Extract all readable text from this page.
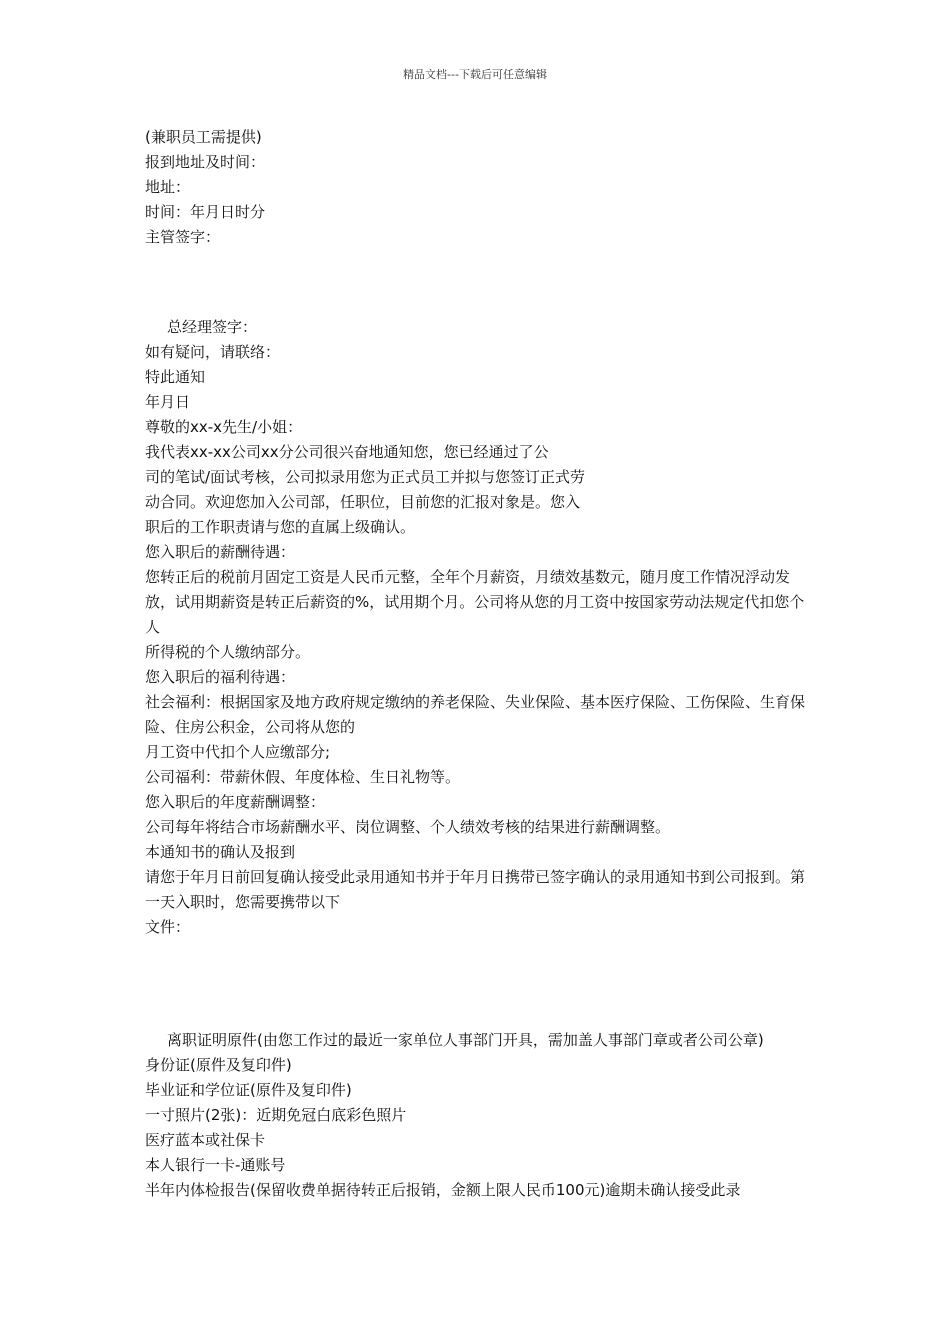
精品文档---下载后可任意编辑

(兼职员工需提供)

报到地址及时间：

地址：

时间：年月日时分

主管签字：

总经理签字：

如有疑问，请联络：

特此通知

年月日

尊敬的xx-x先生/小姐：

我代表xx-xx公司xx分公司很兴奋地通知您，您已经通过了公

司的笔试/面试考核，公司拟录用您为正式员工并拟与您签订正式劳

动合同。欢迎您加入公司部，任职位，目前您的汇报对象是。您入

职后的工作职责请与您的直属上级确认。

您入职后的薪酬待遇：

您转正后的税前月固定工资是人民币元整，全年个月薪资，月绩效基数元，随月度工作情况浮动发放，试用期薪资是转正后薪资的%，试用期个月。公司将从您的月工资中按国家劳动法规定代扣您个人

所得税的个人缴纳部分。

您入职后的福利待遇：

社会福利：根据国家及地方政府规定缴纳的养老保险、失业保险、基本医疗保险、工伤保险、生育保险、住房公积金，公司将从您的

月工资中代扣个人应缴部分;

公司福利：带薪休假、年度体检、生日礼物等。

您入职后的年度薪酬调整：

公司每年将结合市场薪酬水平、岗位调整、个人绩效考核的结果进行薪酬调整。

本通知书的确认及报到

请您于年月日前回复确认接受此录用通知书并于年月日携带已签字确认的录用通知书到公司报到。第一天入职时，您需要携带以下

文件：

离职证明原件(由您工作过的最近一家单位人事部门开具，需加盖人事部门章或者公司公章)

身份证(原件及复印件)

毕业证和学位证(原件及复印件)

一寸照片(2张)：近期免冠白底彩色照片

医疗蓝本或社保卡

本人银行一卡-通账号

半年内体检报告(保留收费单据待转正后报销，金额上限人民币100元)逾期未确认接受此录
